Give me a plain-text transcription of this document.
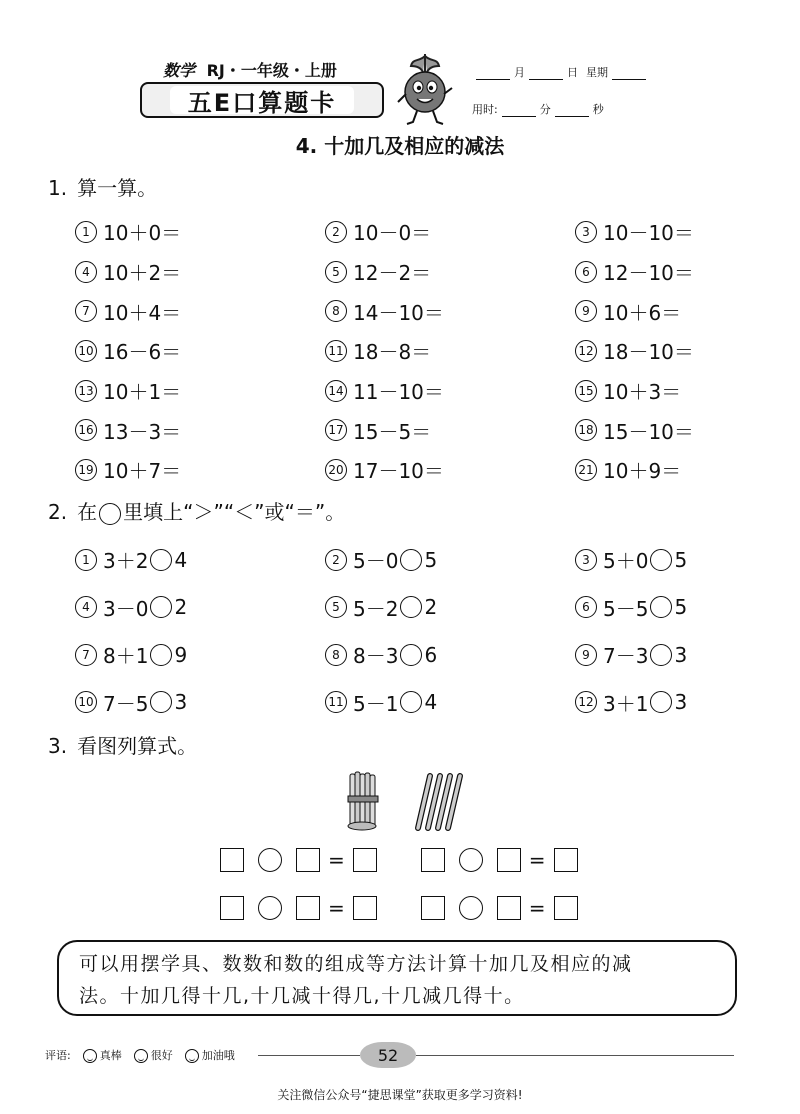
数学 RJ・一年级・上册
五E口算题卡
月	日 星期
用时:	分	秒
4. 十加几及相应的减法
1. 算一算。
1 10＋0＝	2 10－0＝	3 10－10＝
4 10＋2＝	5 12－2＝	6 12－10＝
7 10＋4＝	8 14－10＝	9 10＋6＝
10 16－6＝	11 18－8＝	12 18－10＝
13 10＋1＝	14 11－10＝	15 10＋3＝
16 13－3＝	17 15－5＝	18 15－10＝
19 10＋7＝	20 17－10＝	21 10＋9＝
2. 在 里填上“＞”“＜”或“＝”。
1 3＋2 4	2 5－0 5	3 5＋0 5
4 3－0 2	5 5－2 2	6 5－5 5
7 8＋1 9	8 8－3 6	9 7－3 3
10 7－5 3	11 5－1 4	12 3＋1 3
3. 看图列算式。
=	=
=	=
可以用摆学具、数数和数的组成等方法计算十加几及相应的减
法。十加几得十几,十几减十得几,十几减几得十。
评语:	真棒	很好	加油哦	52
关注微信公众号“捷思课堂”获取更多学习资料!
